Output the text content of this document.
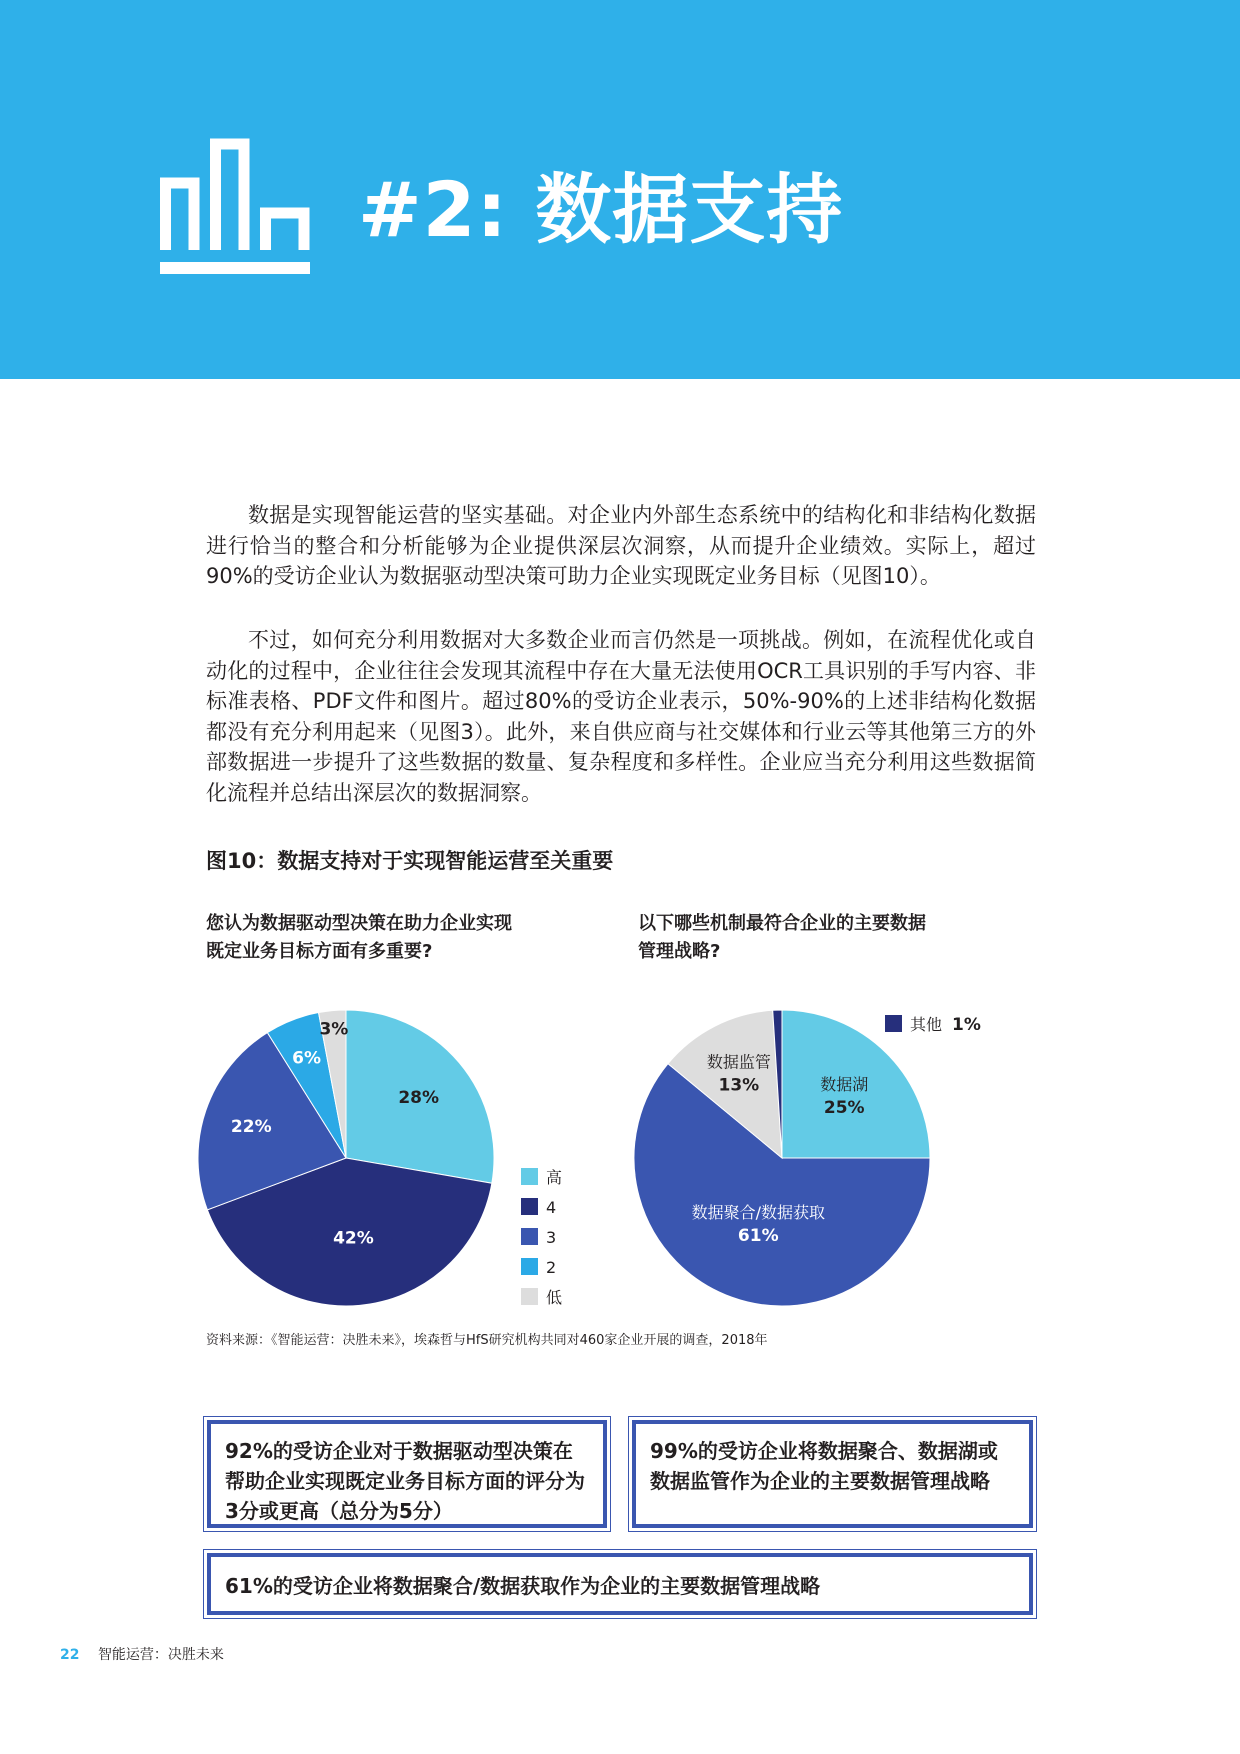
#2: 数据支持

数据是实现智能运营的坚实基础。对企业内外部生态系统中的结构化和非结构化数据进行恰当的整合和分析能够为企业提供深层次洞察，从而提升企业绩效。实际上，超过90%的受访企业认为数据驱动型决策可助力企业实现既定业务目标（见图10）。

不过，如何充分利用数据对大多数企业而言仍然是一项挑战。例如，在流程优化或自动化的过程中，企业往往会发现其流程中存在大量无法使用OCR工具识别的手写内容、非标准表格、PDF文件和图片。超过80%的受访企业表示，50%-90%的上述非结构化数据都没有充分利用起来（见图3）。此外，来自供应商与社交媒体和行业云等其他第三方的外部数据进一步提升了这些数据的数量、复杂程度和多样性。企业应当充分利用这些数据简化流程并总结出深层次的数据洞察。

图10：数据支持对于实现智能运营至关重要

您认为数据驱动型决策在助力企业实现
既定业务目标方面有多重要?

以下哪些机制最符合企业的主要数据
管理战略?

28%
42%
22%
6%
3%
高
4
3
2
低
数据湖
25%
数据聚合/数据获取
61%
数据监管
13%
其他 1%

资料来源：《智能运营：决胜未来》，埃森哲与HfS研究机构共同对460家企业开展的调查，2018年

92%的受访企业对于数据驱动型决策在帮助企业实现既定业务目标方面的评分为3分或更高（总分为5分）
99%的受访企业将数据聚合、数据湖或数据监管作为企业的主要数据管理战略
61%的受访企业将数据聚合/数据获取作为企业的主要数据管理战略
22 智能运营：决胜未来
